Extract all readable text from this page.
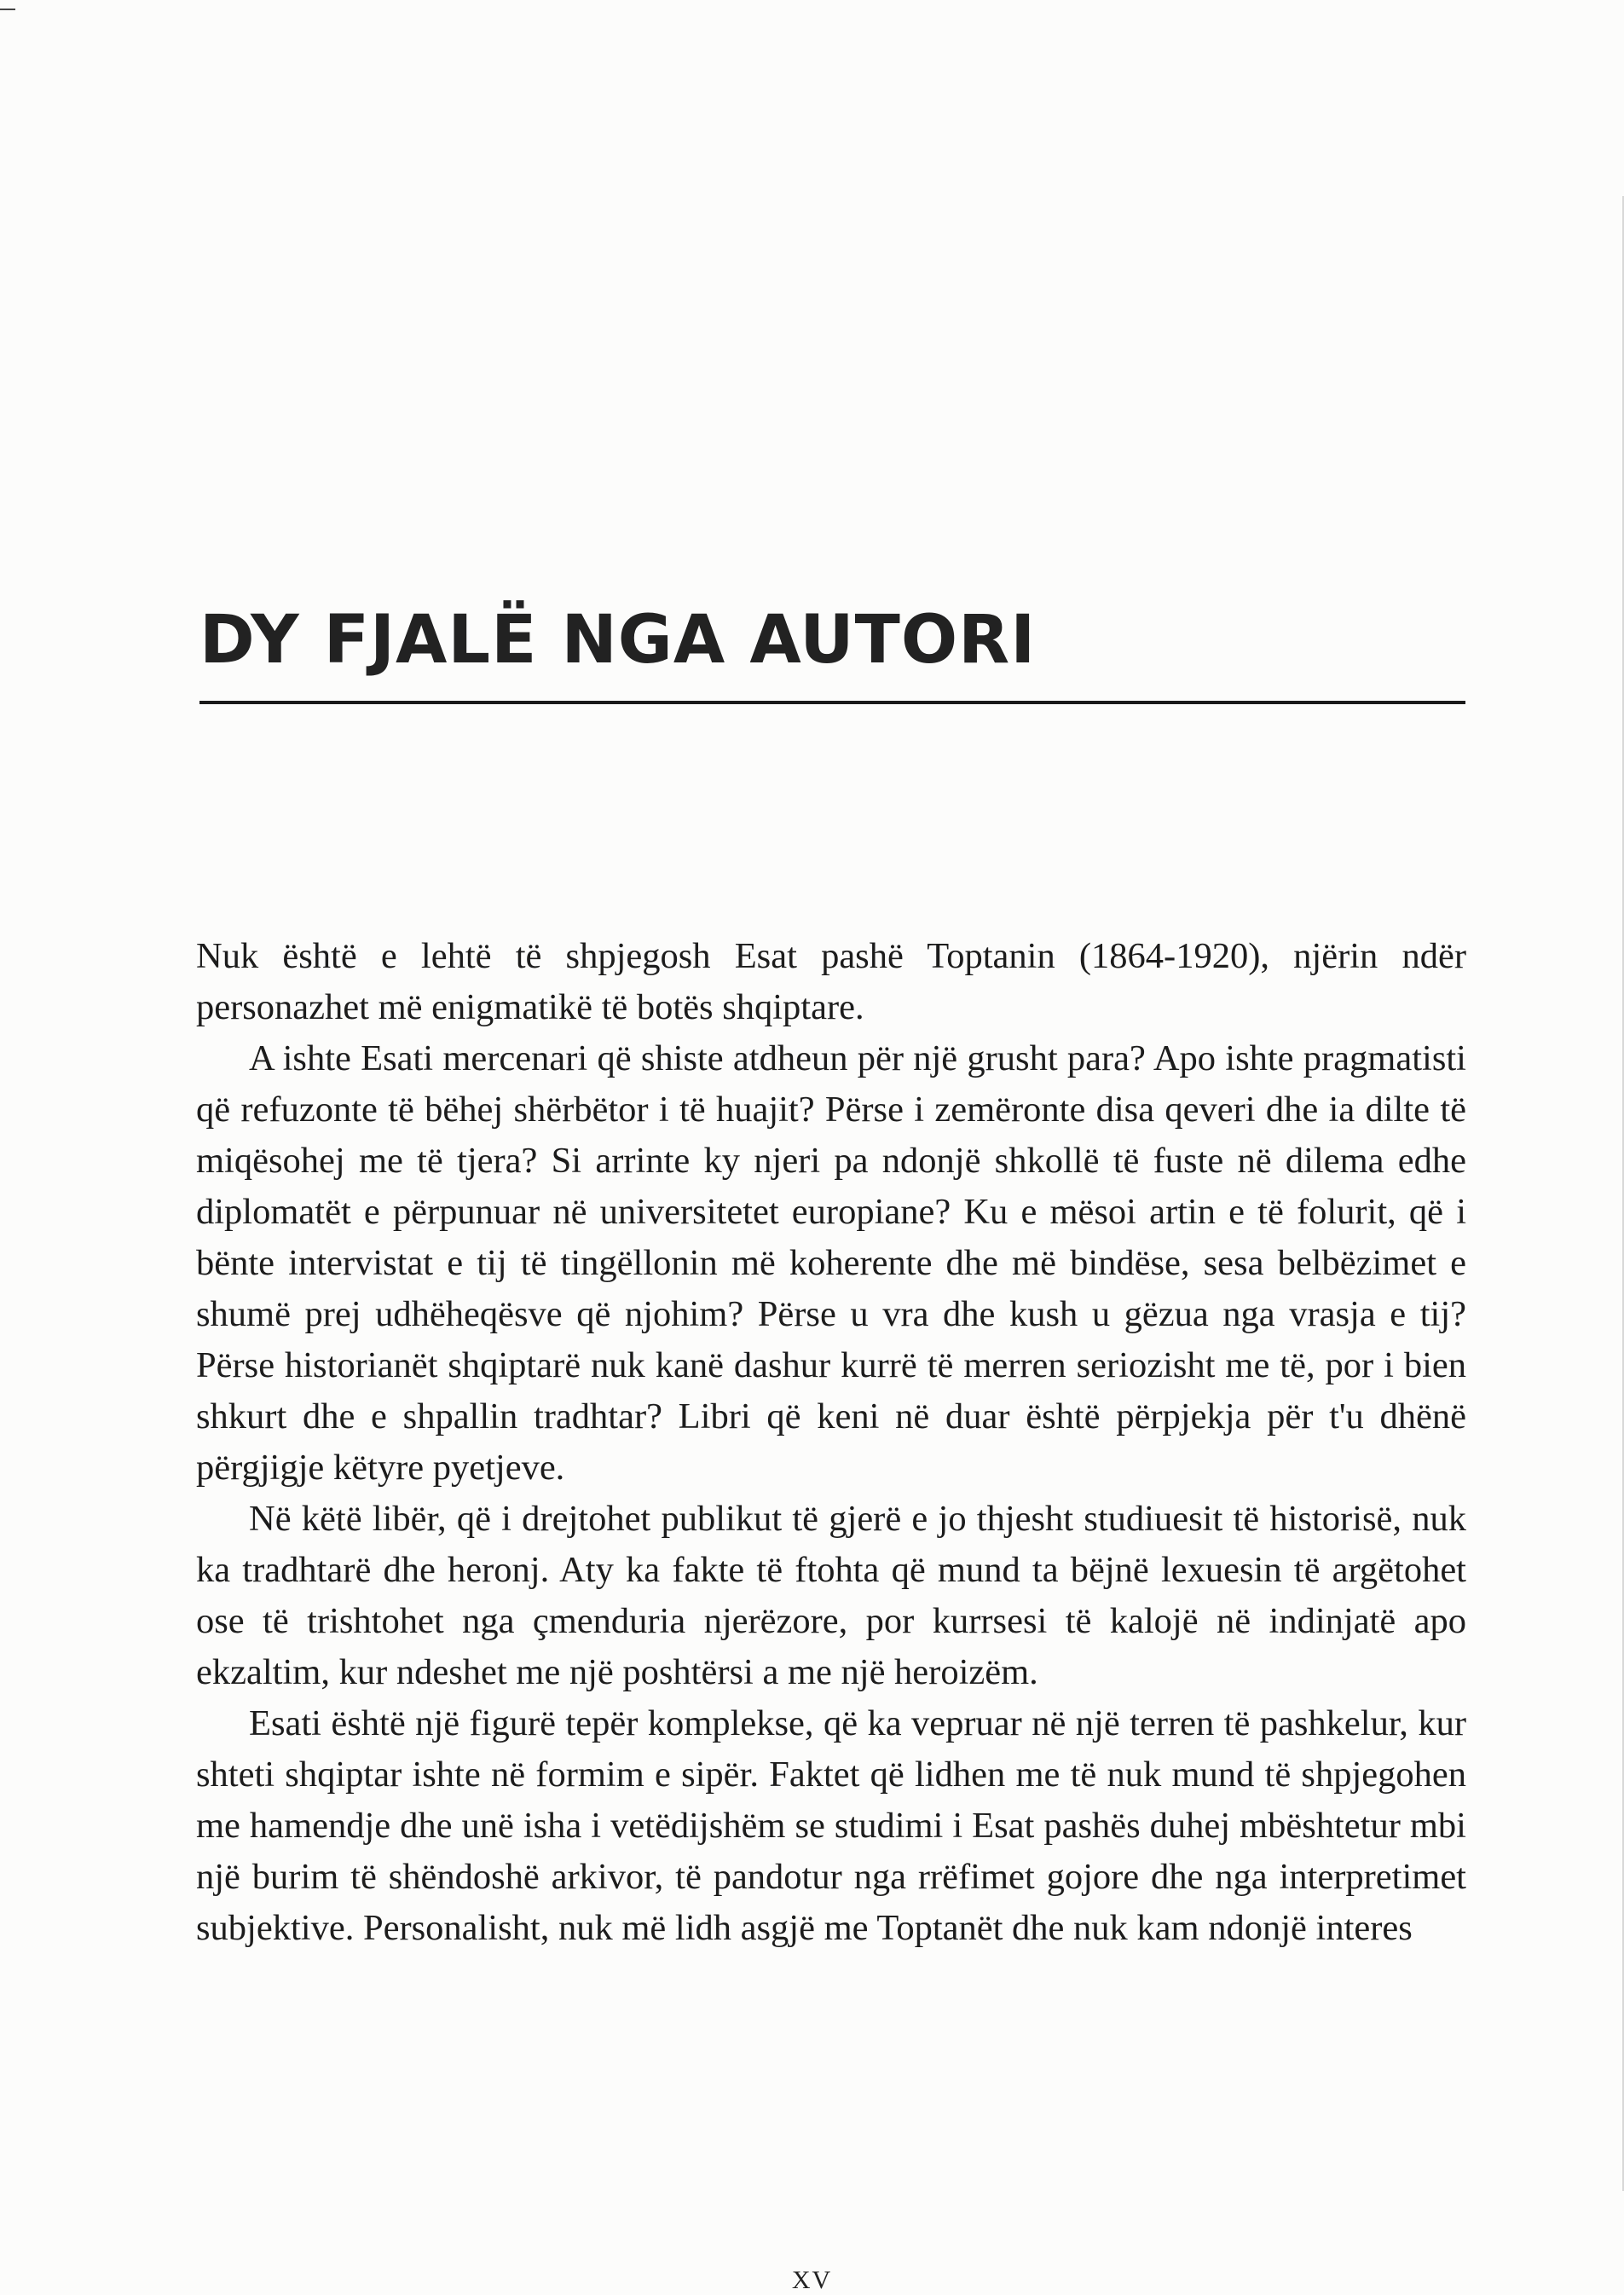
DY FJALË NGA AUTORI

Nuk është e lehtë të shpjegosh Esat pashë Toptanin (1864-1920), njërin ndër personazhet më enigmatikë të botës shqiptare.

A ishte Esati mercenari që shiste atdheun për një grusht para? Apo ishte pragmatisti që refuzonte të bëhej shërbëtor i të huajit? Përse i zemëronte disa qeveri dhe ia dilte të miqësohej me të tjera? Si arrinte ky njeri pa ndonjë shkollë të fuste në dilema edhe diplomatët e përpunuar në universitetet europiane? Ku e mësoi artin e të folurit, që i bënte intervistat e tij të tingëllonin më koherente dhe më bindëse, sesa belbëzimet e shumë prej udhëheqësve që njohim? Përse u vra dhe kush u gëzua nga vrasja e tij? Përse historianët shqiptarë nuk kanë dashur kurrë të merren seriozisht me të, por i bien shkurt dhe e shpallin tradhtar? Libri që keni në duar është përpjekja për t'u dhënë përgjigje këtyre pyetjeve.

Në këtë libër, që i drejtohet publikut të gjerë e jo thjesht studiuesit të historisë, nuk ka tradhtarë dhe heronj. Aty ka fakte të ftohta që mund ta bëjnë lexuesin të argëtohet ose të trishtohet nga çmenduria njerëzore, por kurrsesi të kalojë në indinjatë apo ekzaltim, kur ndeshet me një poshtërsi a me një heroizëm.

Esati është një figurë tepër komplekse, që ka vepruar në një terren të pashkelur, kur shteti shqiptar ishte në formim e sipër. Faktet që lidhen me të nuk mund të shpjegohen me hamendje dhe unë isha i vetëdijshëm se studimi i Esat pashës duhej mbështetur mbi një burim të shëndoshë arkivor, të pandotur nga rrëfimet gojore dhe nga interpretimet subjektive. Personalisht, nuk më lidh asgjë me Toptanët dhe nuk kam ndonjë interes

XV
